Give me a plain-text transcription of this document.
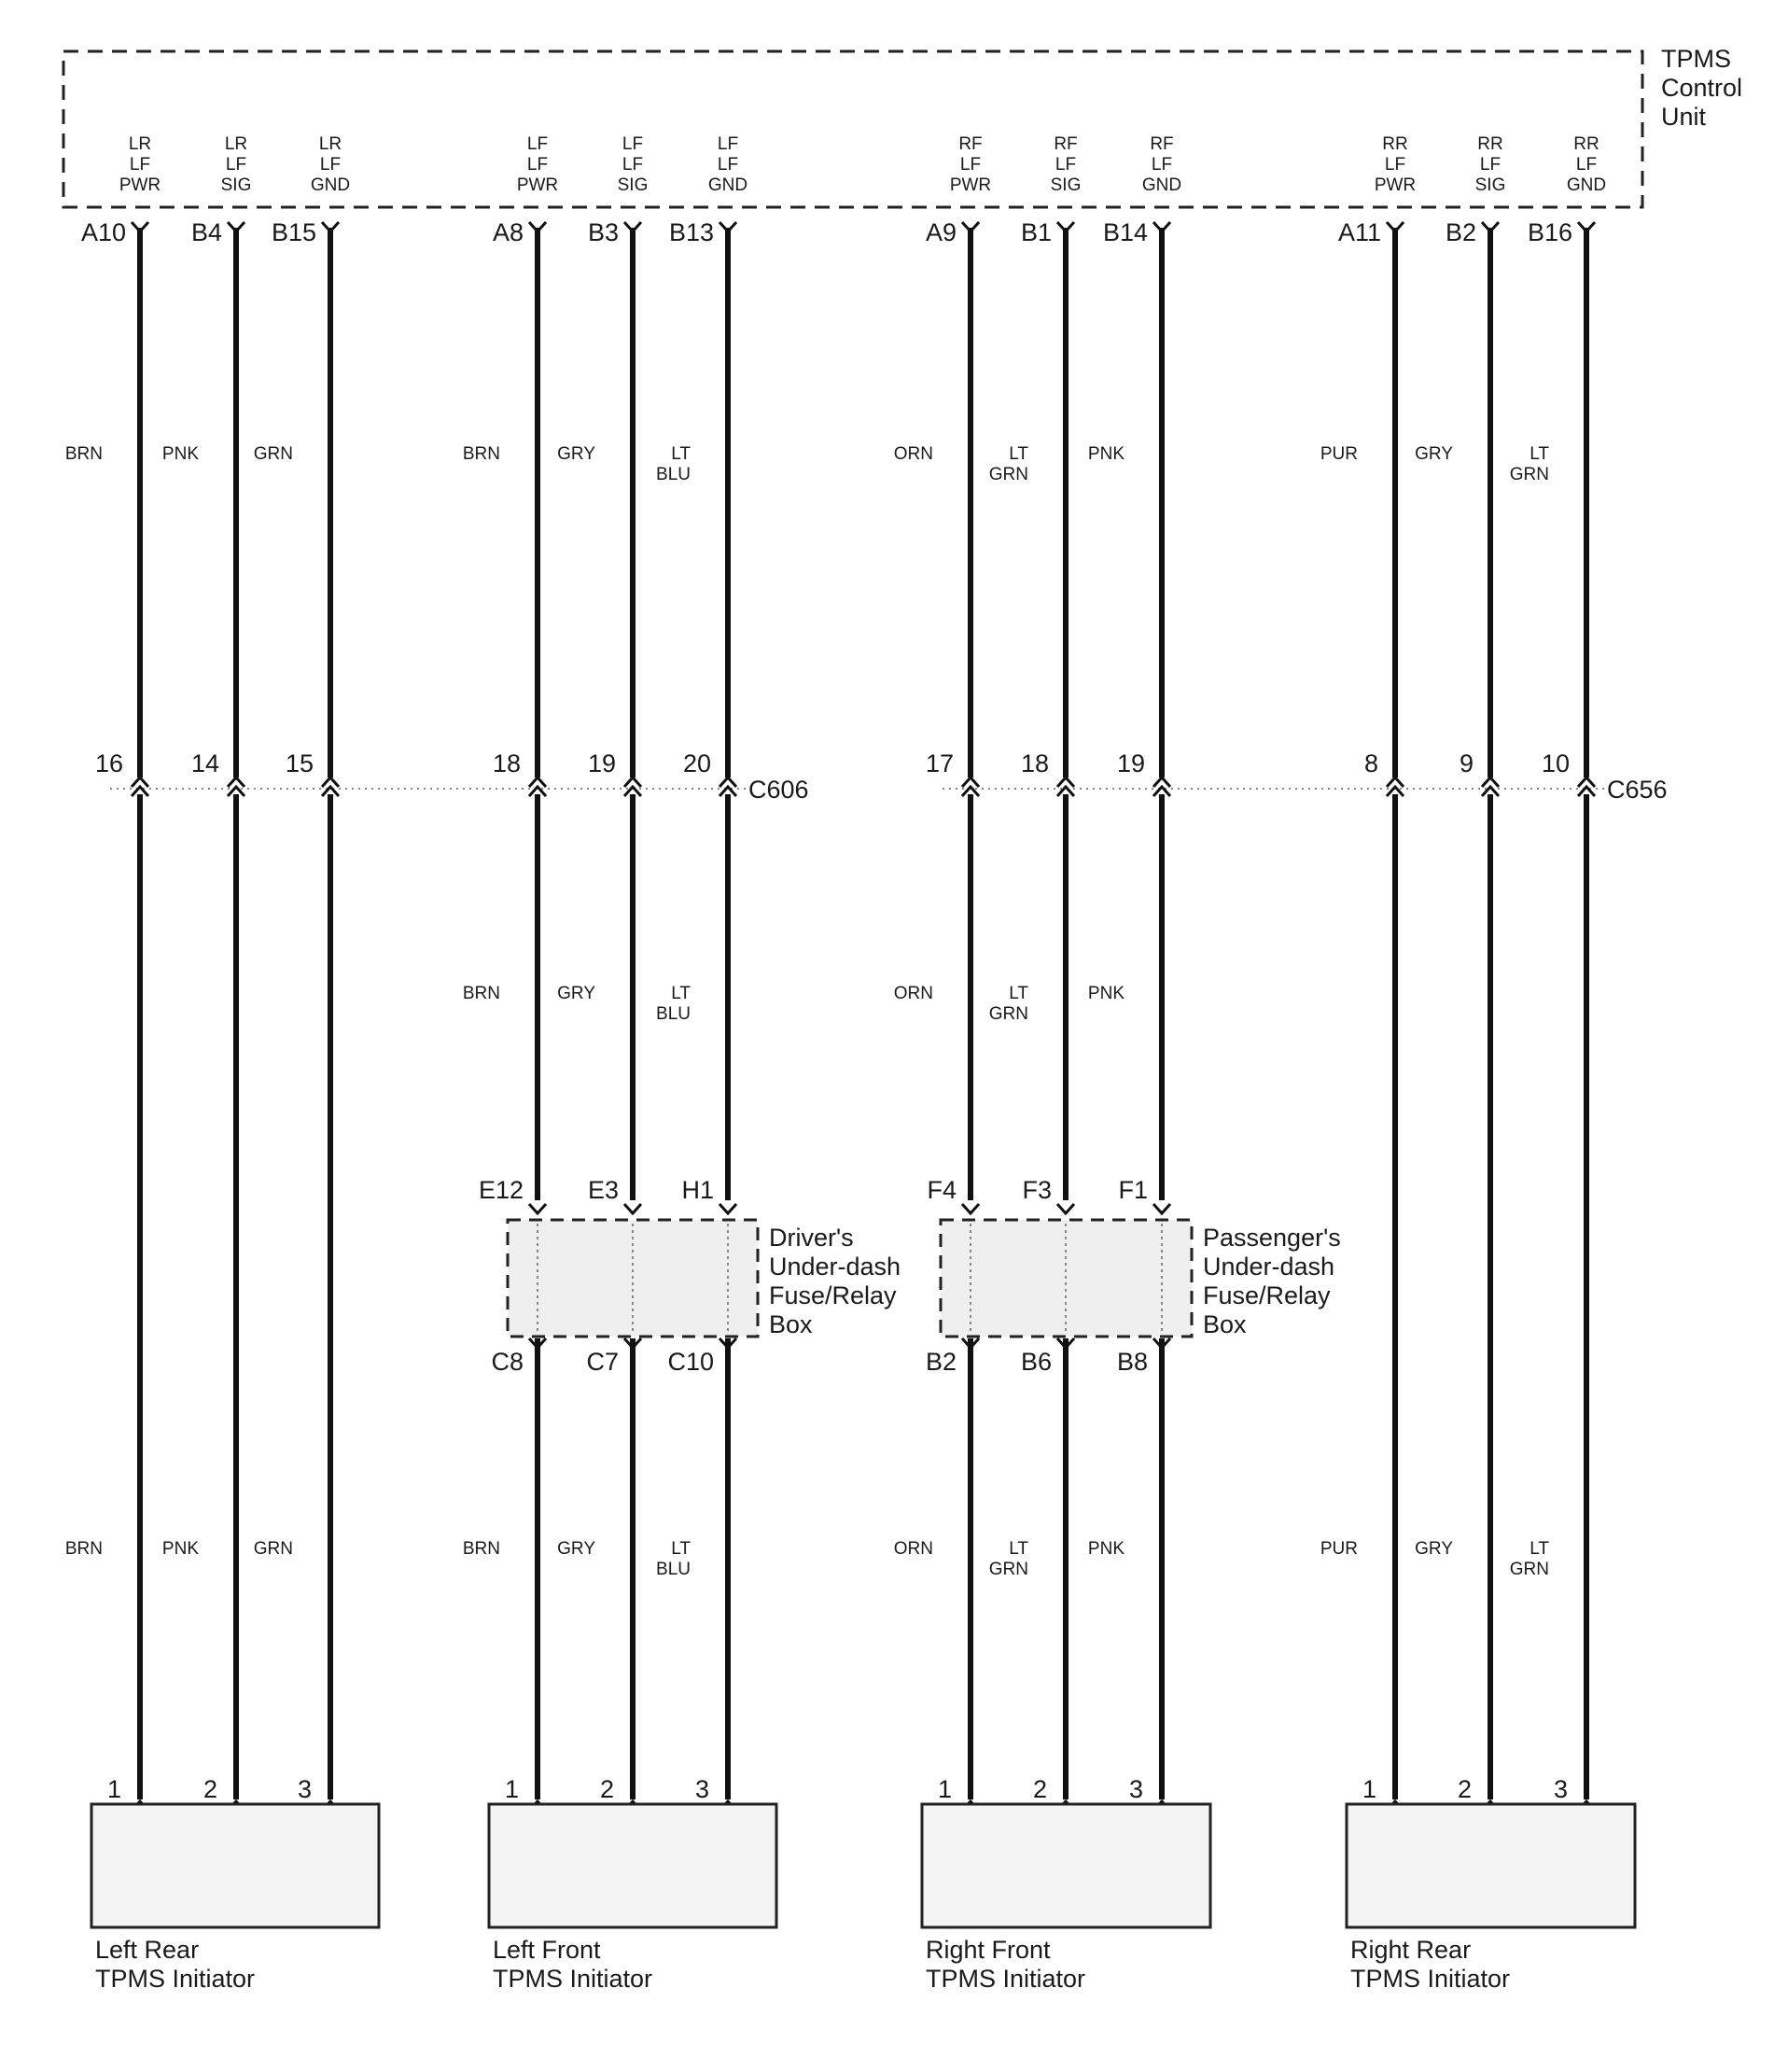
TPMS
Control
Unit
LR
LF
PWR
A10
BRN
BRN
16
1
LR
LF
SIG
B4
PNK
PNK
14
2
LR
LF
GND
B15
GRN
GRN
15
3
Left Rear
TPMS Initiator
LF
LF
PWR
A8
E12
C8
BRN
BRN
BRN
18
1
LF
LF
SIG
B3
E3
C7
GRY
GRY
GRY
19
2
LF
LF
GND
B13
H1
C10
LT
BLU
LT
BLU
LT
BLU
20
3
C606
Driver's
Under-dash
Fuse/Relay
Box
Left Front
TPMS Initiator
RF
LF
PWR
A9
F4
B2
ORN
ORN
ORN
17
1
RF
LF
SIG
B1
F3
B6
LT
GRN
LT
GRN
LT
GRN
18
2
RF
LF
GND
B14
F1
B8
PNK
PNK
PNK
19
3
Passenger's
Under-dash
Fuse/Relay
Box
Right Front
TPMS Initiator
RR
LF
PWR
A11
PUR
PUR
8
1
RR
LF
SIG
B2
GRY
GRY
9
2
RR
LF
GND
B16
LT
GRN
LT
GRN
10
3
C656
Right Rear
TPMS Initiator
